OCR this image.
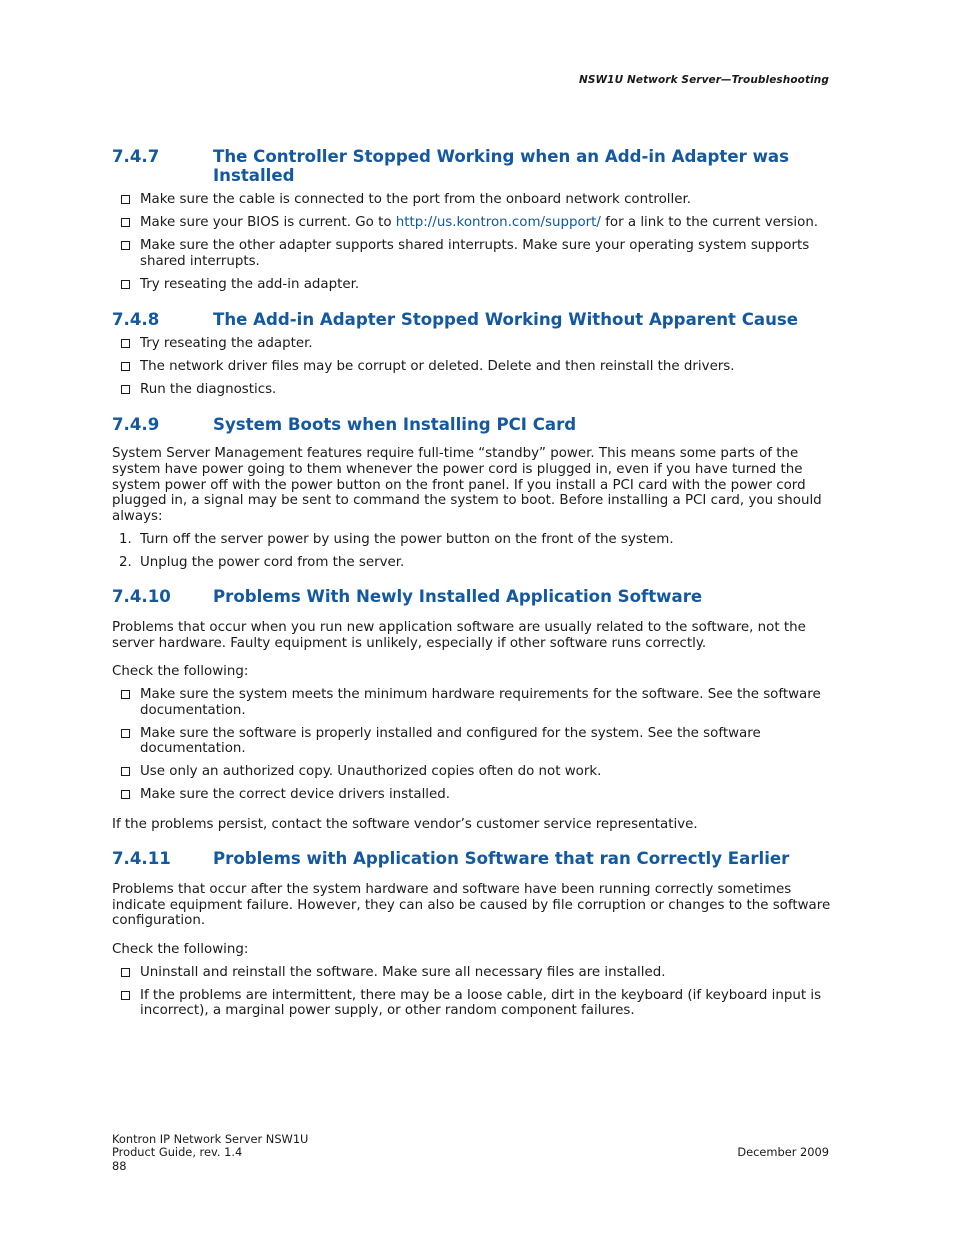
NSW1U Network Server—Troubleshooting
7.4.7	The Controller Stopped Working when an Add-in Adapter was Installed
Make sure the cable is connected to the port from the onboard network controller.
Make sure your BIOS is current. Go to http://us.kontron.com/support/ for a link to the current version.
Make sure the other adapter supports shared interrupts. Make sure your operating system supports shared interrupts.
Try reseating the add-in adapter.
7.4.8	The Add-in Adapter Stopped Working Without Apparent Cause
Try reseating the adapter.
The network driver files may be corrupt or deleted. Delete and then reinstall the drivers.
Run the diagnostics.
7.4.9	System Boots when Installing PCI Card

System Server Management features require full-time “standby” power. This means some parts of the system have power going to them whenever the power cord is plugged in, even if you have turned the system power off with the power button on the front panel. If you install a PCI card with the power cord plugged in, a signal may be sent to command the system to boot. Before installing a PCI card, you should always:

1. Turn off the server power by using the power button on the front of the system.
2. Unplug the power cord from the server.
7.4.10	Problems With Newly Installed Application Software

Problems that occur when you run new application software are usually related to the software, not the server hardware. Faulty equipment is unlikely, especially if other software runs correctly.

Check the following:

Make sure the system meets the minimum hardware requirements for the software. See the software documentation.
Make sure the software is properly installed and configured for the system. See the software documentation.
Use only an authorized copy. Unauthorized copies often do not work.
Make sure the correct device drivers installed.

If the problems persist, contact the software vendor’s customer service representative.

7.4.11	Problems with Application Software that ran Correctly Earlier

Problems that occur after the system hardware and software have been running correctly sometimes indicate equipment failure. However, they can also be caused by file corruption or changes to the software configuration.

Check the following:

Uninstall and reinstall the software. Make sure all necessary files are installed.
If the problems are intermittent, there may be a loose cable, dirt in the keyboard (if keyboard input is incorrect), a marginal power supply, or other random component failures.
Kontron IP Network Server NSW1U
Product Guide, rev. 1.4
88
December 2009
